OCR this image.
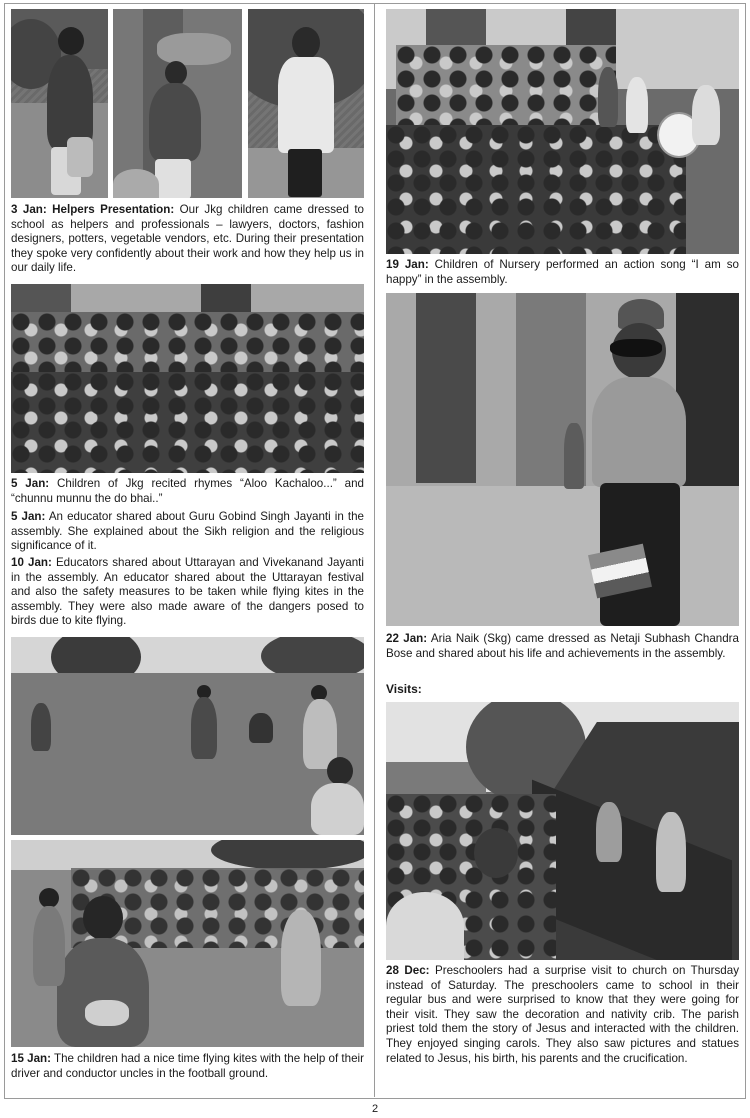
3 Jan: Helpers Presentation: Our Jkg children came dressed to school as helpers and professionals – lawyers, doctors, fashion designers, potters, vegetable vendors, etc. During their presentation they spoke very confidently about their work and how they help us in our daily life.

5 Jan: Children of Jkg recited rhymes “Aloo Kachaloo...” and “chunnu munnu the do bhai..”

5 Jan: An educator shared about Guru Gobind Singh Jayanti in the assembly. She explained about the Sikh religion and the religious significance of it.

10 Jan: Educators shared about Uttarayan and Vivekanand Jayanti in the assembly. An educator shared about the Uttarayan festival and also the safety measures to be taken while flying kites in the assembly. They were also made aware of the dangers posed to birds due to kite flying.

15 Jan: The children had a nice time flying kites with the help of their driver and conductor uncles in the football ground.

19 Jan: Children of Nursery performed an action song “I am so happy” in the assembly.

22 Jan: Aria Naik (Skg) came dressed as Netaji Subhash Chandra Bose and shared about his life and achievements in the assembly.

Visits:

28 Dec: Preschoolers had a surprise visit to church on Thursday instead of Saturday. The preschoolers came to school in their regular bus and were surprised to know that they were going for their visit. They saw the decoration and nativity crib. The parish priest told them the story of Jesus and interacted with the children. They enjoyed singing carols. They also saw pictures and statues related to Jesus, his birth, his parents and the crucification.

2
